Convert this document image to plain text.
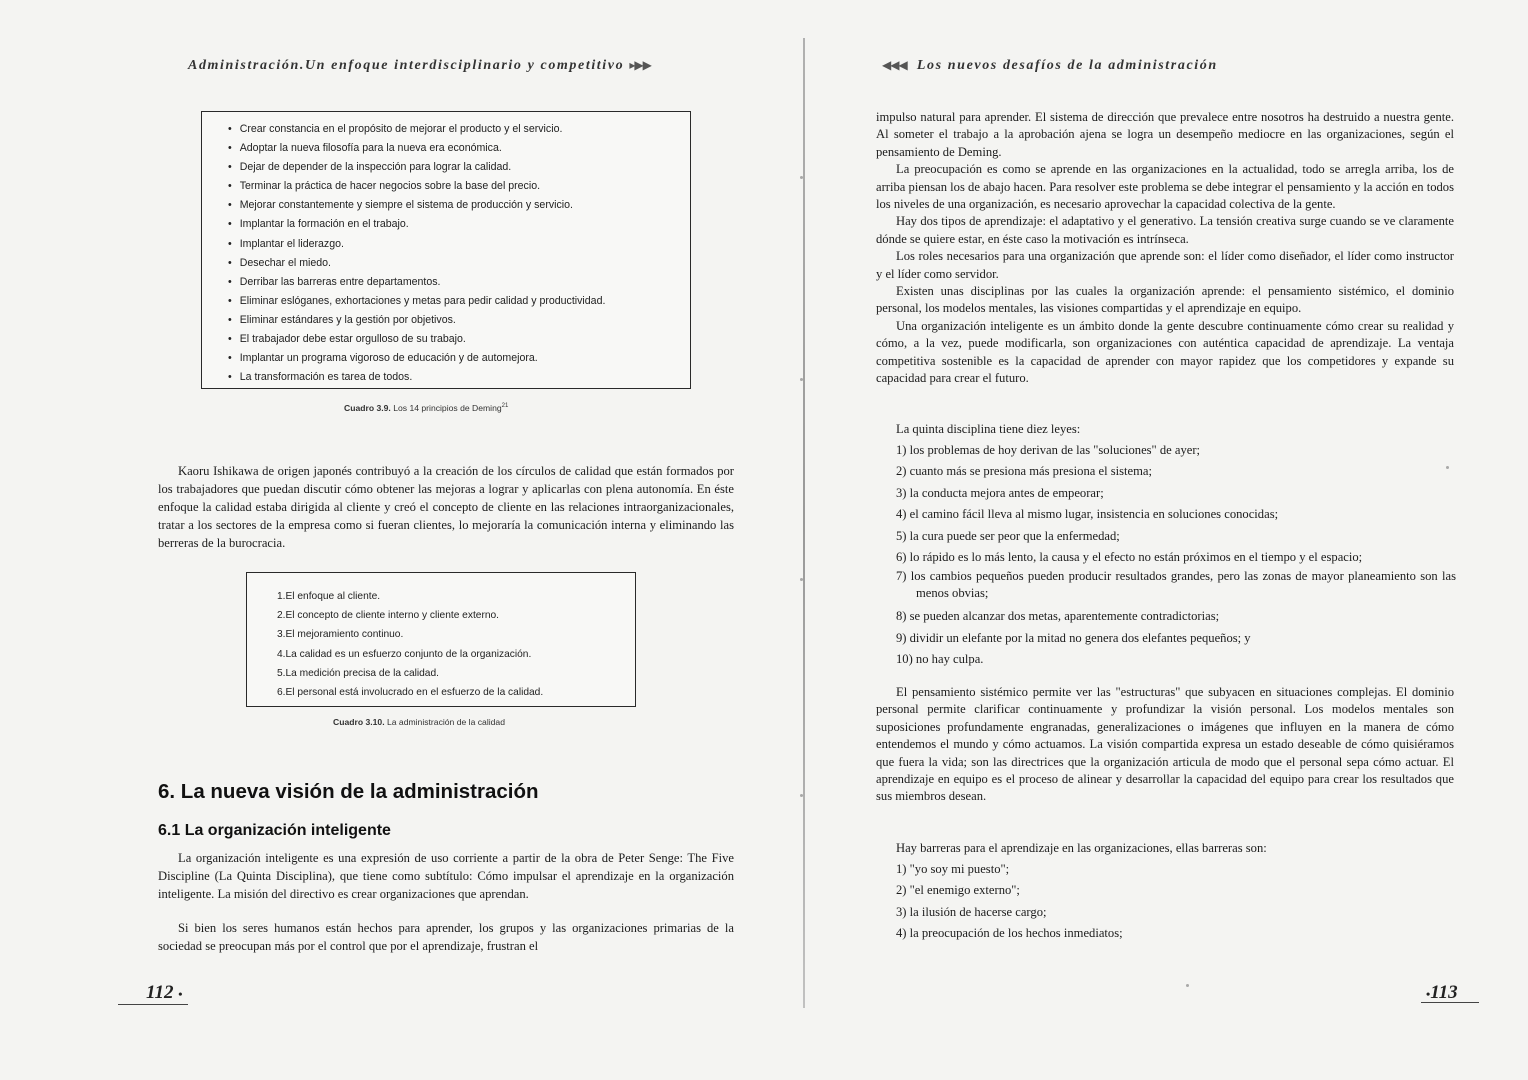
Administración.Un enfoque interdisciplinario y competitivo ▸▶▶
• Crear constancia en el propósito de mejorar el producto y el servicio.
• Adoptar la nueva filosofía para la nueva era económica.
• Dejar de depender de la inspección para lograr la calidad.
• Terminar la práctica de hacer negocios sobre la base del precio.
• Mejorar constantemente y siempre el sistema de producción y servicio.
• Implantar la formación en el trabajo.
• Implantar el liderazgo.
• Desechar el miedo.
• Derribar las barreras entre departamentos.
• Eliminar eslóganes, exhortaciones y metas para pedir calidad y productividad.
• Eliminar estándares y la gestión por objetivos.
• El trabajador debe estar orgulloso de su trabajo.
• Implantar un programa vigoroso de educación y de automejora.
• La transformación es tarea de todos.
Cuadro 3.9. Los 14 principios de Deming$^{21}$

Kaoru Ishikawa de origen japonés contribuyó a la creación de los círculos de calidad que están formados por los trabajadores que puedan discutir cómo obtener las mejoras a lograr y aplicarlas con plena autonomía. En éste enfoque la calidad estaba dirigida al cliente y creó el concepto de cliente en las relaciones intraorganizacionales, tratar a los sectores de la empresa como si fueran clientes, lo mejoraría la comunicación interna y eliminando las berreras de la burocracia.

1.El enfoque al cliente.
2.El concepto de cliente interno y cliente externo.
3.El mejoramiento continuo.
4.La calidad es un esfuerzo conjunto de la organización.
5.La medición precisa de la calidad.
6.El personal está involucrado en el esfuerzo de la calidad.
Cuadro 3.10. La administración de la calidad
6. La nueva visión de la administración
6.1 La organización inteligente

La organización inteligente es una expresión de uso corriente a partir de la obra de Peter Senge: The Five Discipline (La Quinta Disciplina), que tiene como subtítulo: Cómo impulsar el aprendizaje en la organización inteligente. La misión del directivo es crear organizaciones que aprendan.

Si bien los seres humanos están hechos para aprender, los grupos y las organizaciones primarias de la sociedad se preocupan más por el control que por el aprendizaje, frustran el

112 •
◀◀◀ Los nuevos desafíos de la administración

impulso natural para aprender. El sistema de dirección que prevalece entre nosotros ha destruido a nuestra gente. Al someter el trabajo a la aprobación ajena se logra un desempeño mediocre en las organizaciones, según el pensamiento de Deming.

La preocupación es como se aprende en las organizaciones en la actualidad, todo se arregla arriba, los de arriba piensan los de abajo hacen. Para resolver este problema se debe integrar el pensamiento y la acción en todos los niveles de una organización, es necesario aprovechar la capacidad colectiva de la gente.

Hay dos tipos de aprendizaje: el adaptativo y el generativo. La tensión creativa surge cuando se ve claramente dónde se quiere estar, en éste caso la motivación es intrínseca.

Los roles necesarios para una organización que aprende son: el líder como diseñador, el líder como instructor y el líder como servidor.

Existen unas disciplinas por las cuales la organización aprende: el pensamiento sistémico, el dominio personal, los modelos mentales, las visiones compartidas y el aprendizaje en equipo.

Una organización inteligente es un ámbito donde la gente descubre continuamente cómo crear su realidad y cómo, a la vez, puede modificarla, son organizaciones con auténtica capacidad de aprendizaje. La ventaja competitiva sostenible es la capacidad de aprender con mayor rapidez que los competidores y expande su capacidad para crear el futuro.

La quinta disciplina tiene diez leyes:
1) los problemas de hoy derivan de las "soluciones" de ayer;
2) cuanto más se presiona más presiona el sistema;
3) la conducta mejora antes de empeorar;
4) el camino fácil lleva al mismo lugar, insistencia en soluciones conocidas;
5) la cura puede ser peor que la enfermedad;
6) lo rápido es lo más lento, la causa y el efecto no están próximos en el tiempo y el espacio;
7) los cambios pequeños pueden producir resultados grandes, pero las zonas de mayor planeamiento son las menos obvias;
8) se pueden alcanzar dos metas, aparentemente contradictorias;
9) dividir un elefante por la mitad no genera dos elefantes pequeños; y
10) no hay culpa.

El pensamiento sistémico permite ver las "estructuras" que subyacen en situaciones complejas. El dominio personal permite clarificar continuamente y profundizar la visión personal. Los modelos mentales son suposiciones profundamente engranadas, generalizaciones o imágenes que influyen en la manera de cómo entendemos el mundo y cómo actuamos. La visión compartida expresa un estado deseable de cómo quisiéramos que fuera la vida; son las directrices que la organización articula de modo que el personal sepa cómo actuar. El aprendizaje en equipo es el proceso de alinear y desarrollar la capacidad del equipo para crear los resultados que sus miembros desean.

Hay barreras para el aprendizaje en las organizaciones, ellas barreras son:
1) "yo soy mi puesto";
2) "el enemigo externo";
3) la ilusión de hacerse cargo;
4) la preocupación de los hechos inmediatos;
•113
